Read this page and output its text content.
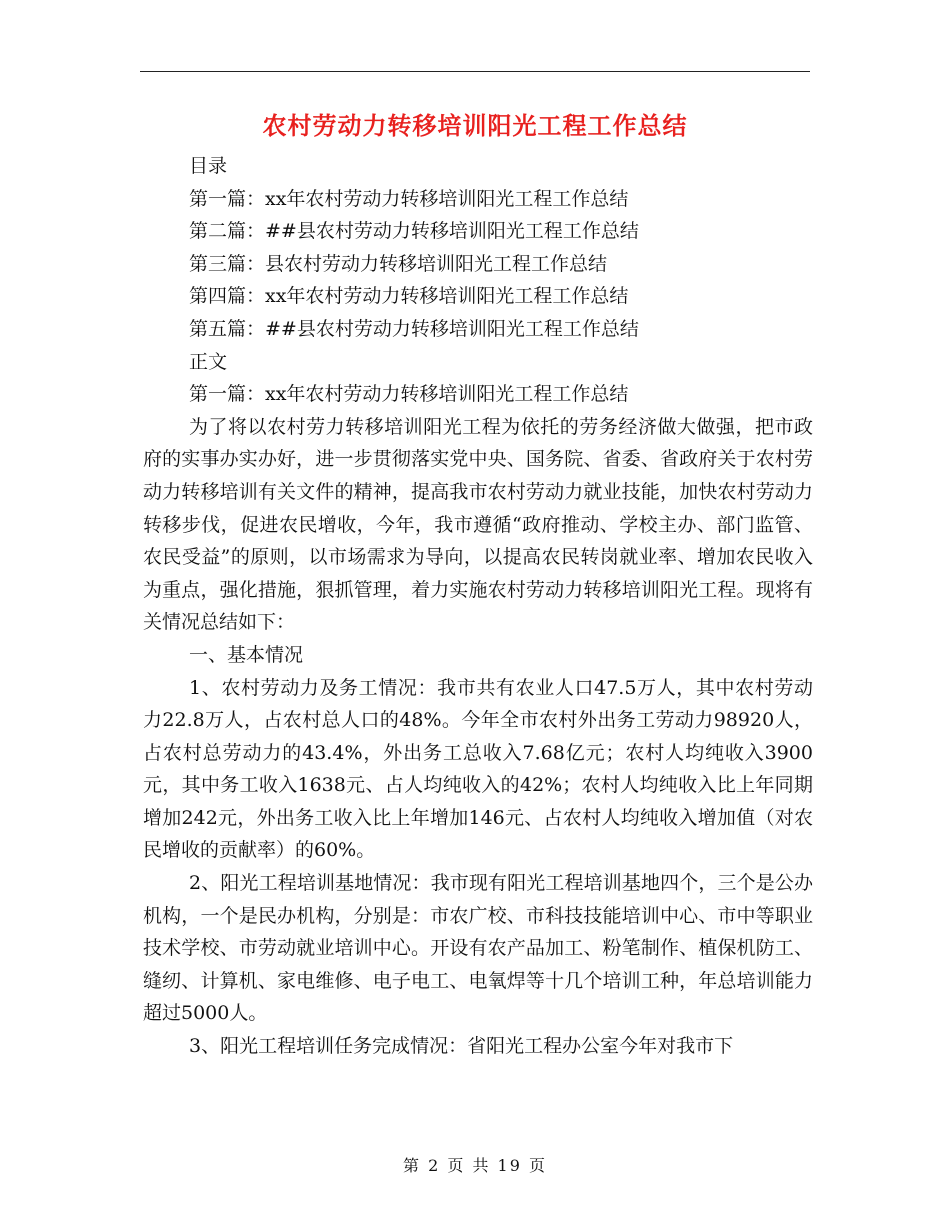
农村劳动力转移培训阳光工程工作总结

目录

第一篇：xx年农村劳动力转移培训阳光工程工作总结

第二篇：##县农村劳动力转移培训阳光工程工作总结

第三篇：县农村劳动力转移培训阳光工程工作总结

第四篇：xx年农村劳动力转移培训阳光工程工作总结

第五篇：##县农村劳动力转移培训阳光工程工作总结

正文

第一篇：xx年农村劳动力转移培训阳光工程工作总结

为了将以农村劳力转移培训阳光工程为依托的劳务经济做大做强，把市政府的实事办实办好，进一步贯彻落实党中央、国务院、省委、省政府关于农村劳动力转移培训有关文件的精神，提高我市农村劳动力就业技能，加快农村劳动力转移步伐，促进农民增收，今年，我市遵循“政府推动、学校主办、部门监管、农民受益”的原则，以市场需求为导向，以提高农民转岗就业率、增加农民收入为重点，强化措施，狠抓管理，着力实施农村劳动力转移培训阳光工程。现将有关情况总结如下：

一、基本情况

1、农村劳动力及务工情况：我市共有农业人口47.5万人，其中农村劳动力22.8万人，占农村总人口的48%。今年全市农村外出务工劳动力98920人，占农村总劳动力的43.4%，外出务工总收入7.68亿元；农村人均纯收入3900元，其中务工收入1638元、占人均纯收入的42%；农村人均纯收入比上年同期增加242元，外出务工收入比上年增加146元、占农村人均纯收入增加值（对农民增收的贡献率）的60%。

2、阳光工程培训基地情况：我市现有阳光工程培训基地四个，三个是公办机构，一个是民办机构，分别是：市农广校、市科技技能培训中心、市中等职业技术学校、市劳动就业培训中心。开设有农产品加工、粉笔制作、植保机防工、缝纫、计算机、家电维修、电子电工、电氧焊等十几个培训工种，年总培训能力超过5000人。

3、阳光工程培训任务完成情况：省阳光工程办公室今年对我市下

第 2 页 共 19 页
